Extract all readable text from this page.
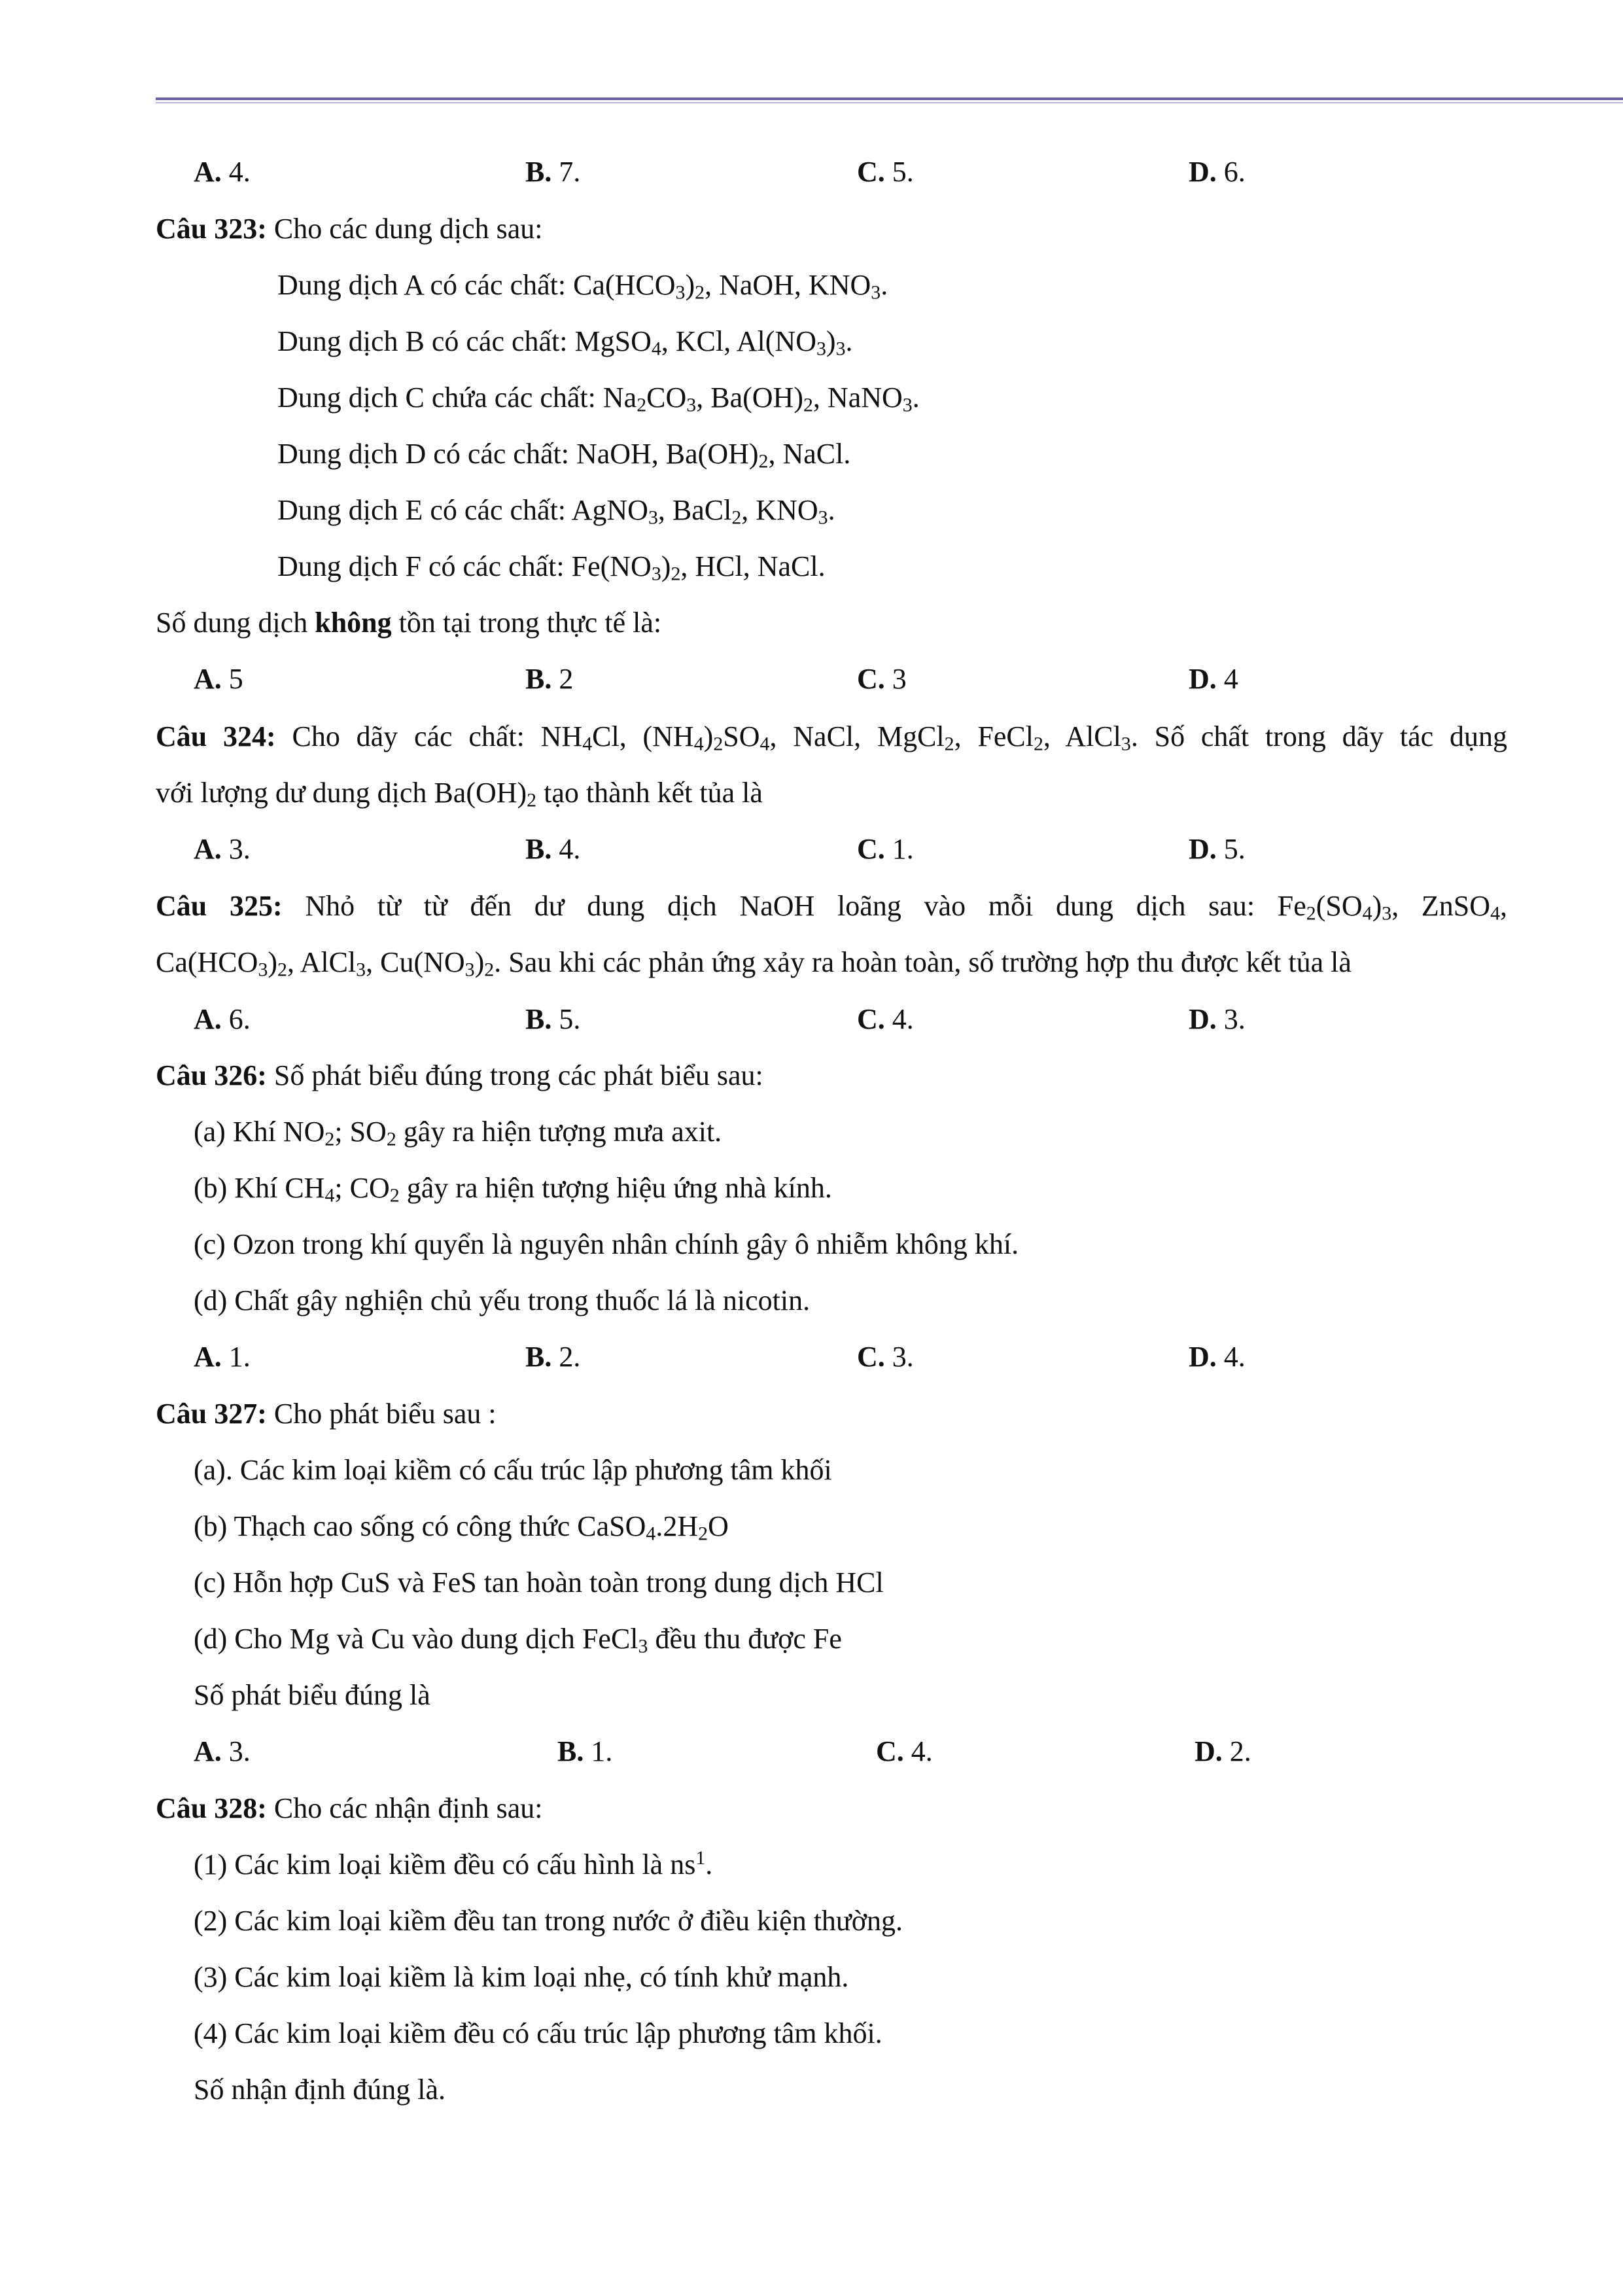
A. 4.	B. 7.	C. 5.	D. 6.
Câu 323: Cho các dung dịch sau:
Dung dịch A có các chất: $Ca(HCO_3)_2$, NaOH, $KNO_3$.
Dung dịch B có các chất: MgSO$_4$, KCl, $Al(NO_3)_3$.
Dung dịch C chứa các chất: $Na_2CO_3$, $Ba(OH)_2$, NaNO$_3$.
Dung dịch D có các chất: NaOH, $Ba(OH)_2$, NaCl.
Dung dịch E có các chất: AgNO$_3$, BaCl$_2$, $KNO_3$.
Dung dịch F có các chất: $Fe(NO_3)_2$, HCl, NaCl.
Số dung dịch không tồn tại trong thực tế là:
A. 5	B. 2	C. 3	D. 4
Câu 324: Cho dãy các chất: $NH_4Cl$, $(NH_4)_2SO_4$, NaCl, MgCl$_2$, FeCl$_2$, AlCl$_3$. Số chất trong dãy tác dụng
với lượng dư dung dịch $Ba(OH)_2$ tạo thành kết tủa là
A. 3.	B. 4.	C. 1.	D. 5.
Câu 325: Nhỏ từ từ đến dư dung dịch NaOH loãng vào mỗi dung dịch sau: $Fe_2(SO_4)_3$, ZnSO$_4$,
$Ca(HCO_3)_2$, AlCl$_3$, $Cu(NO_3)_2$. Sau khi các phản ứng xảy ra hoàn toàn, số trường hợp thu được kết tủa là
A. 6.	B. 5.	C. 4.	D. 3.
Câu 326: Số phát biểu đúng trong các phát biểu sau:
(a) Khí $NO_2$; $SO_2$ gây ra hiện tượng mưa axit.
(b) Khí $CH_4$; $CO_2$ gây ra hiện tượng hiệu ứng nhà kính.
(c) Ozon trong khí quyển là nguyên nhân chính gây ô nhiễm không khí.
(d) Chất gây nghiện chủ yếu trong thuốc lá là nicotin.
A. 1.	B. 2.	C. 3.	D. 4.
Câu 327: Cho phát biểu sau :
(a). Các kim loại kiềm có cấu trúc lập phương tâm khối
(b) Thạch cao sống có công thức $CaSO_4.2H_2O$
(c) Hỗn hợp CuS và FeS tan hoàn toàn trong dung dịch HCl
(d) Cho Mg và Cu vào dung dịch FeCl$_3$ đều thu được Fe
Số phát biểu đúng là
A. 3.	B. 1.	C. 4.	D. 2.
Câu 328: Cho các nhận định sau:
(1) Các kim loại kiềm đều có cấu hình là $ns^1$.
(2) Các kim loại kiềm đều tan trong nước ở điều kiện thường.
(3) Các kim loại kiềm là kim loại nhẹ, có tính khử mạnh.
(4) Các kim loại kiềm đều có cấu trúc lập phương tâm khối.
Số nhận định đúng là.
